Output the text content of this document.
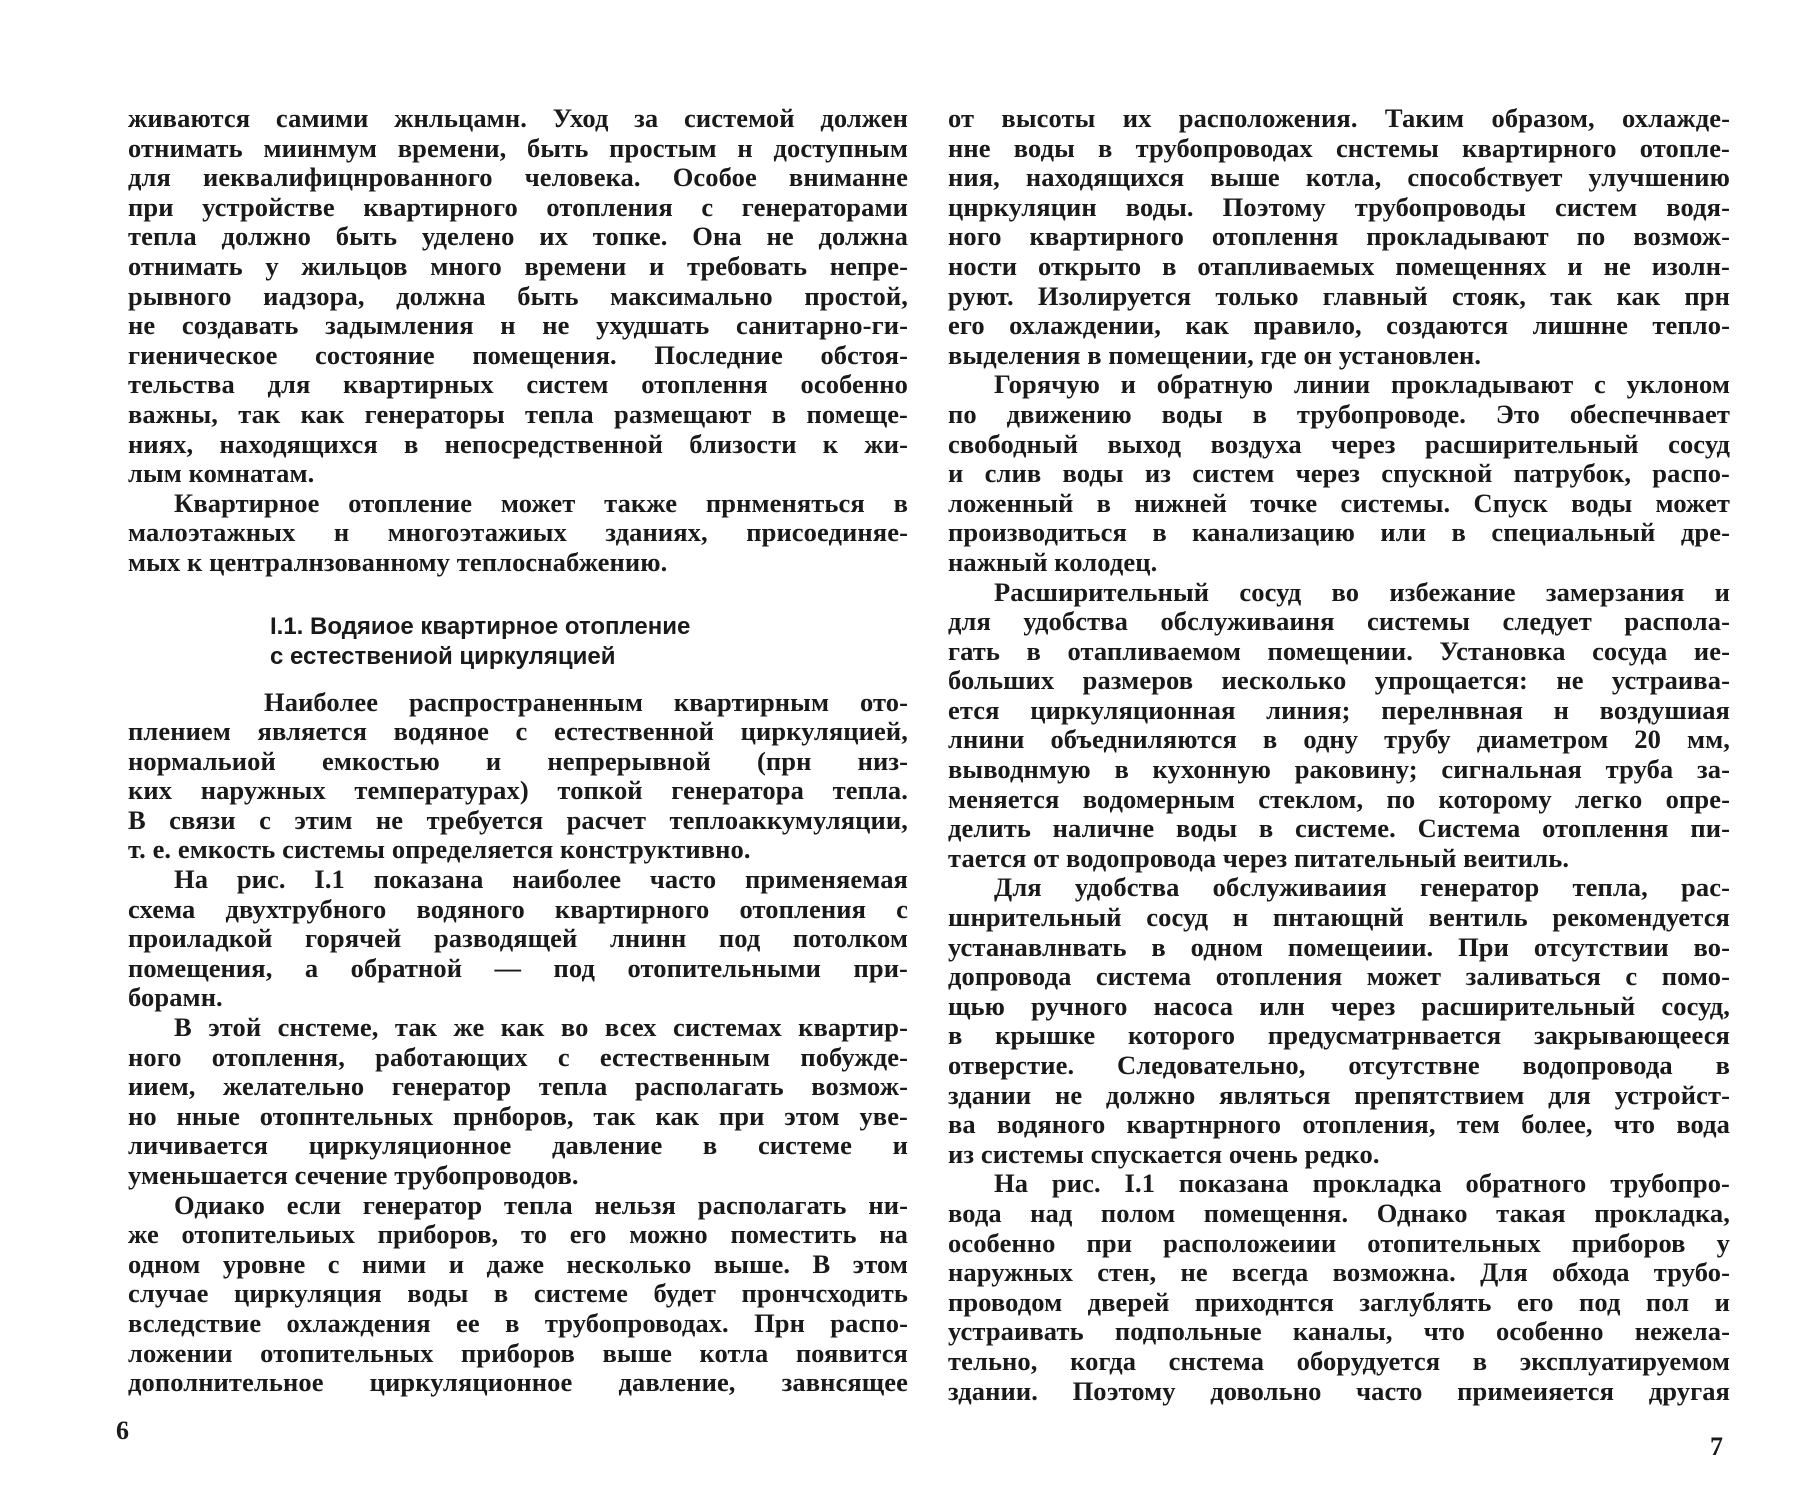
живаются самими жнльцамн. Уход за системой должен
отнимать миинмум времени, быть простым н доступным
для иеквалифицнрованного человека. Особое вниманне
при устройстве квартирного отопления с генераторами
тепла должно быть уделено их топке. Она не должна
отнимать у жильцов много времени и требовать непре-
рывного иадзора, должна быть максимально простой,
не создавать задымления н не ухудшать санитарно-ги-
гиеническое состояние помещения. Последние обстоя-
тельства для квартирных систем отоплення особенно
важны, так как генераторы тепла размещают в помеще-
ниях, находящихся в непосредственной близости к жи-
лым комнатам.
Квартирное отопление может также прнменяться в
малоэтажных н многоэтажиых зданиях, присоединяе-
мых к централнзованному теплоснабжению.
I.1. Водяиое квартирное отопление
с естествениой циркуляцией
Наиболее распространенным квартирным ото-
плением является водяное с естественной циркуляцией,
нормальиой емкостью и непрерывной (прн низ-
ких наружных температурах) топкой генератора тепла.
В связи с этим не требуется расчет теплоаккумуляции,
т. е. емкость системы определяется конструктивно.
На рис. I.1 показана наиболее часто применяемая
схема двухтрубного водяного квартирного отопления с
проиладкой горячей разводящей лнинн под потолком
помещения, а обратной — под отопительными при-
борамн.
В этой снстеме, так же как во всех системах квартир-
ного отоплення, работающих с естественным побужде-
иием, желательно генератор тепла располагать возмож-
но нные отопнтельных прнборов, так как при этом уве-
личивается циркуляционное давление в системе и
уменьшается сечение трубопроводов.
Одиако если генератор тепла нельзя располагать ни-
же отопительиых приборов, то его можно поместить на
одном уровне с ними и даже несколько выше. В этом
случае циркуляция воды в системе будет прончсходить
вследствие охлаждения ее в трубопроводах. Прн распо-
ложении отопительных приборов выше котла появится
дополнительное циркуляционное давление, завнсящее
от высоты их расположения. Таким образом, охлажде-
нне воды в трубопроводах снстемы квартирного отопле-
ния, находящихся выше котла, способствует улучшению
цнркуляцин воды. Поэтому трубопроводы систем водя-
ного квартирного отоплення прокладывают по возмож-
ности открыто в отапливаемых помещеннях и не изолн-
руют. Изолируется только главный стояк, так как прн
его охлаждении, как правило, создаются лишнне тепло-
выделения в помещении, где он установлен.
Горячую и обратную линии прокладывают с уклоном
по движению воды в трубопроводе. Это обеспечнвает
свободный выход воздуха через расширительный сосуд
и слив воды из систем через спускной патрубок, распо-
ложенный в нижней точке системы. Спуск воды может
производиться в канализацию или в специальный дре-
нажный колодец.
Расширительный сосуд во избежание замерзания и
для удобства обслуживаиня системы следует распола-
гать в отапливаемом помещении. Установка сосуда ие-
больших размеров иесколько упрощается: не устраива-
ется циркуляционная линия; перелнвная н воздушиая
лнини объедниляются в одну трубу диаметром 20 мм,
выводнмую в кухонную раковину; сигнальная труба за-
меняется водомерным стеклом, по которому легко опре-
делить наличне воды в системе. Система отоплення пи-
тается от водопровода через питательный веитиль.
Для удобства обслуживаиия генератор тепла, рас-
шнрительный сосуд н пнтающнй вентиль рекомендуется
устанавлнвать в одном помещеиии. При отсутствии во-
допровода система отопления может заливаться с помо-
щью ручного насоса илн через расширительный сосуд,
в крышке которого предусматрнвается закрывающееся
отверстие. Следовательно, отсутствне водопровода в
здании не должно являться препятствием для устройст-
ва водяного квартнрного отопления, тем более, что вода
из системы спускается очень редко.
На рис. I.1 показана прокладка обратного трубопро-
вода над полом помещення. Однако такая прокладка,
особенно при расположеиии отопительных приборов у
наружных стен, не всегда возможна. Для обхода трубо-
проводом дверей приходнтся заглублять его под пол и
устраивать подпольные каналы, что особенно нежела-
тельно, когда снстема оборудуется в эксплуатируемом
здании. Поэтому довольно часто примеияется другая
6
7
